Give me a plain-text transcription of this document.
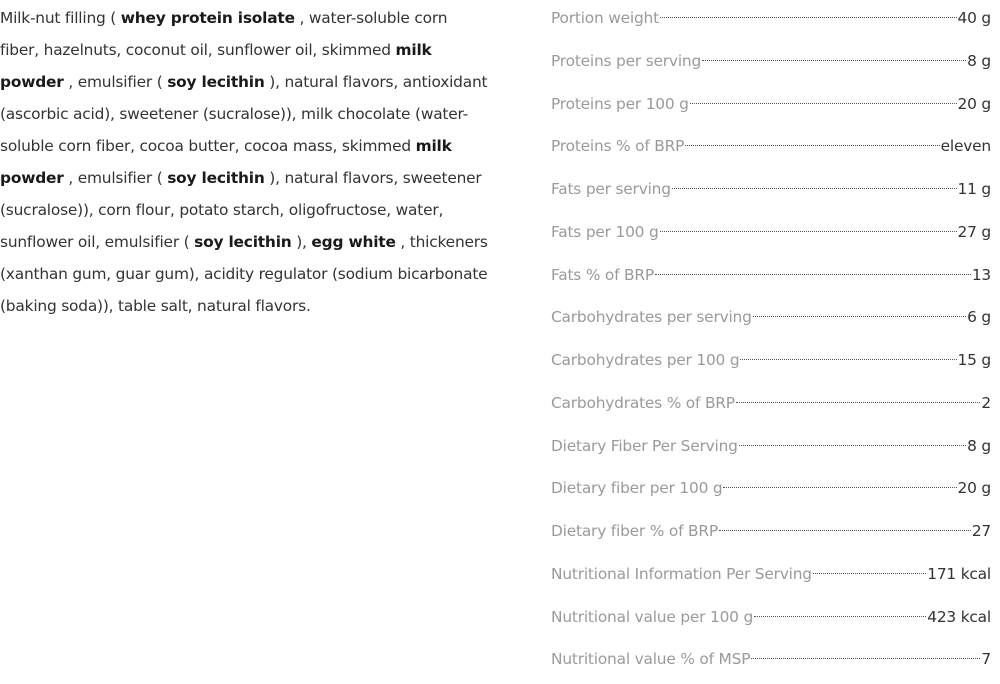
Milk-nut filling ( whey protein isolate , water-soluble corn fiber, hazelnuts, coconut oil, sunflower oil, skimmed milk powder , emulsifier ( soy lecithin ), natural flavors, antioxidant (ascorbic acid), sweetener (sucralose)), milk chocolate (water-soluble corn fiber, cocoa butter, cocoa mass, skimmed milk powder , emulsifier ( soy lecithin ), natural flavors, sweetener (sucralose)), corn flour, potato starch, oligofructose, water, sunflower oil, emulsifier ( soy lecithin ), egg white , thickeners (xanthan gum, guar gum), acidity regulator (sodium bicarbonate (baking soda)), table salt, natural flavors.
Portion weight	40 g
Proteins per serving	8 g
Proteins per 100 g	20 g
Proteins % of BRP	eleven
Fats per serving	11 g
Fats per 100 g	27 g
Fats % of BRP	13
Carbohydrates per serving	6 g
Carbohydrates per 100 g	15 g
Carbohydrates % of BRP	2
Dietary Fiber Per Serving	8 g
Dietary fiber per 100 g	20 g
Dietary fiber % of BRP	27
Nutritional Information Per Serving	171 kcal
Nutritional value per 100 g	423 kcal
Nutritional value % of MSP	7
